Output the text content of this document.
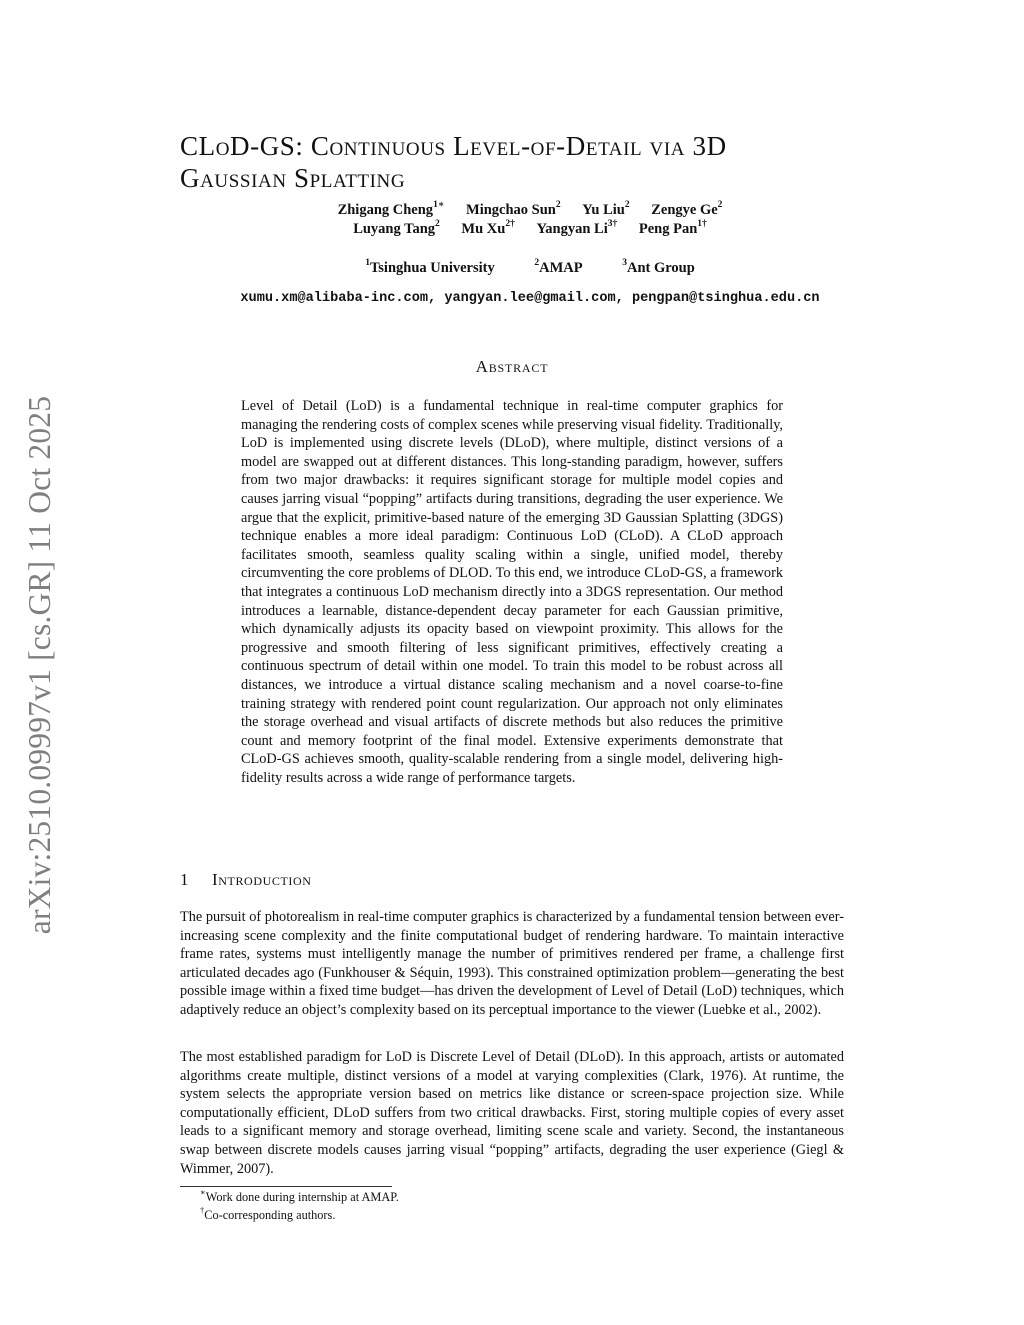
arXiv:2510.09997v1 [cs.GR] 11 Oct 2025
CLoD-GS: Continuous Level-of-Detail via 3D
Gaussian Splatting
Zhigang Cheng$^{1∗}$ Mingchao Sun$^2$ Yu Liu$^2$ Zengye Ge$^2$
Luyang Tang$^2$ Mu $Xu^{2\dagger}$ Yangyan $Li^{3\dagger}$ Peng Pan$^{1\dagger}$
$^1$Tsinghua University	$^2$AMAP	$^3$Ant Group
xumu.xm@alibaba-inc.com, yangyan.lee@gmail.com, pengpan@tsinghua.edu.cn
Abstract
Level of Detail (LoD) is a fundamental technique in real-time computer graphics for managing the rendering costs of complex scenes while preserving visual fidelity. Traditionally, LoD is implemented using discrete levels (DLoD), where multiple, distinct versions of a model are swapped out at different distances. This long-standing paradigm, however, suffers from two major drawbacks: it requires significant storage for multiple model copies and causes jarring visual “popping” artifacts during transitions, degrading the user experience. We argue that the explicit, primitive-based nature of the emerging 3D Gaussian Splatting (3DGS) technique enables a more ideal paradigm: Continuous LoD (CLoD). A CLoD approach facilitates smooth, seamless quality scaling within a single, unified model, thereby circumventing the core problems of DLOD. To this end, we introduce CLoD-GS, a framework that integrates a continuous LoD mechanism directly into a 3DGS representation. Our method introduces a learnable, distance-dependent decay parameter for each Gaussian primitive, which dynamically adjusts its opacity based on viewpoint proximity. This allows for the progressive and smooth filtering of less significant primitives, effectively creating a continuous spectrum of detail within one model. To train this model to be robust across all distances, we introduce a virtual distance scaling mechanism and a novel coarse-to-fine training strategy with rendered point count regularization. Our approach not only eliminates the storage overhead and visual artifacts of discrete methods but also reduces the primitive count and memory footprint of the final model. Extensive experiments demonstrate that CLoD-GS achieves smooth, quality-scalable rendering from a single model, delivering high-fidelity results across a wide range of performance targets.
1 Introduction
The pursuit of photorealism in real-time computer graphics is characterized by a fundamental tension between ever-increasing scene complexity and the finite computational budget of rendering hardware. To maintain interactive frame rates, systems must intelligently manage the number of primitives rendered per frame, a challenge first articulated decades ago (Funkhouser & Séquin, 1993). This constrained optimization problem—generating the best possible image within a fixed time budget—has driven the development of Level of Detail (LoD) techniques, which adaptively reduce an object’s complexity based on its perceptual importance to the viewer (Luebke et al., 2002).
The most established paradigm for LoD is Discrete Level of Detail (DLoD). In this approach, artists or automated algorithms create multiple, distinct versions of a model at varying complexities (Clark, 1976). At runtime, the system selects the appropriate version based on metrics like distance or screen-space projection size. While computationally efficient, DLoD suffers from two critical drawbacks. First, storing multiple copies of every asset leads to a significant memory and storage overhead, limiting scene scale and variety. Second, the instantaneous swap between discrete models causes jarring visual “popping” artifacts, degrading the user experience (Giegl & Wimmer, 2007).
∗Work done during internship at AMAP.
†Co-corresponding authors.
